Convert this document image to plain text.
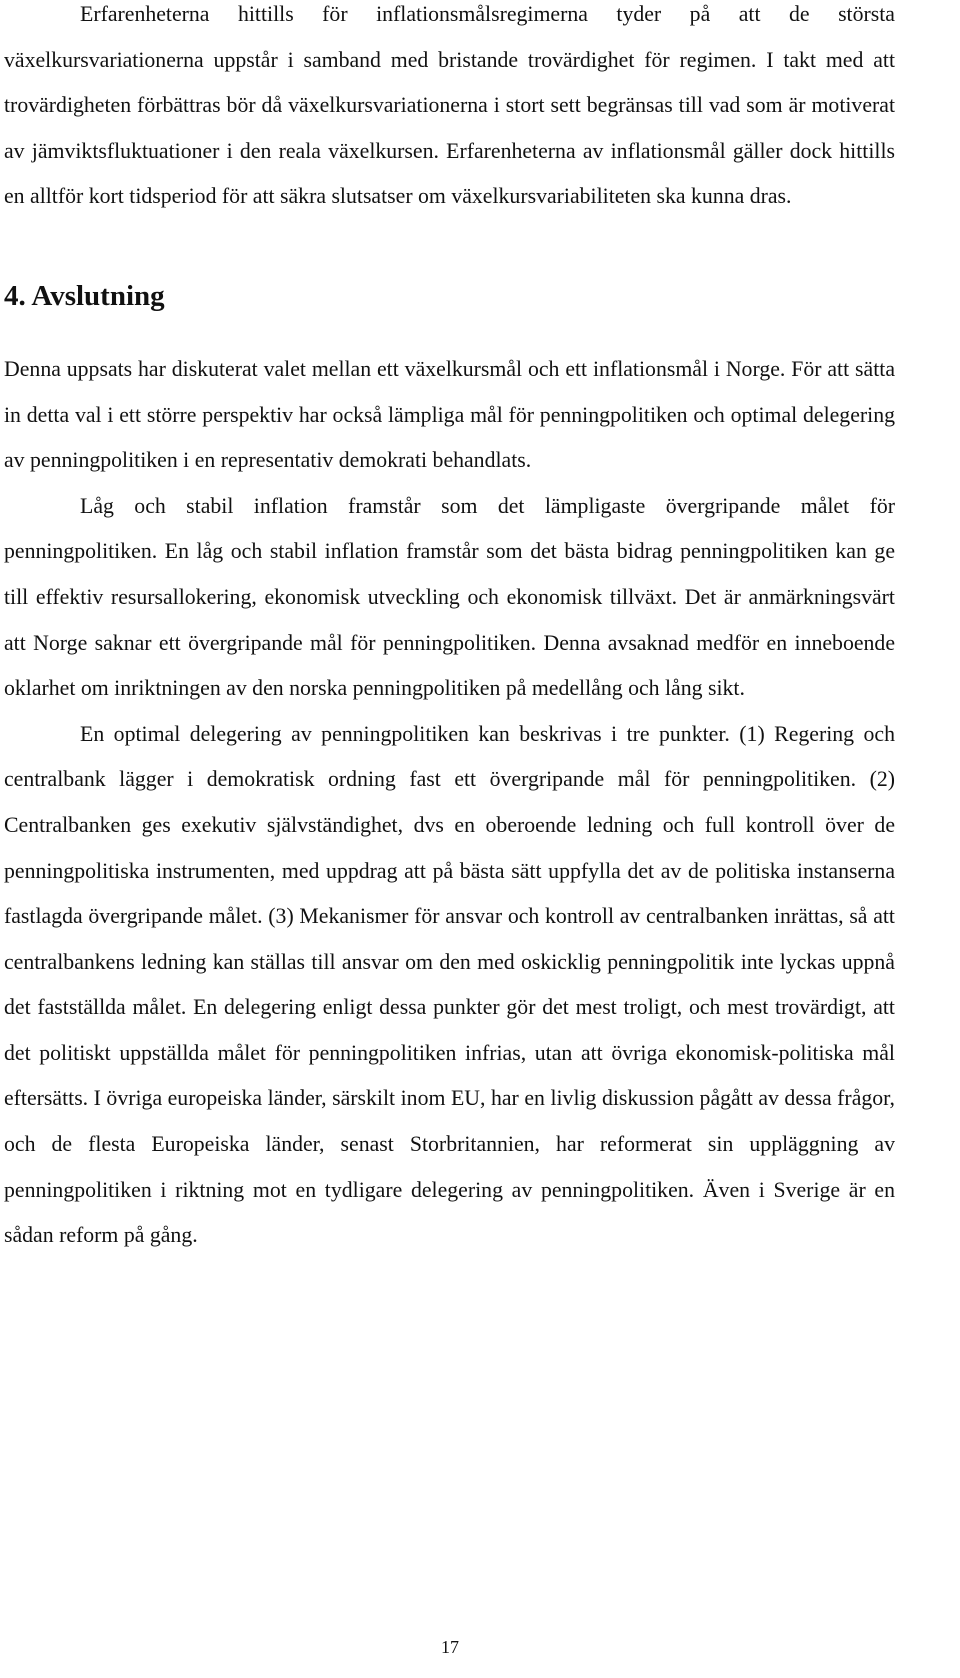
Erfarenheterna hittills för inflationsmålsregimerna tyder på att de största växelkursvariationerna uppstår i samband med bristande trovärdighet för regimen. I takt med att trovärdigheten förbättras bör då växelkursvariationerna i stort sett begränsas till vad som är motiverat av jämviktsfluktuationer i den reala växelkursen. Erfarenheterna av inflationsmål gäller dock hittills en alltför kort tidsperiod för att säkra slutsatser om växelkursvariabiliteten ska kunna dras.

4. Avslutning

Denna uppsats har diskuterat valet mellan ett växelkursmål och ett inflationsmål i Norge. För att sätta in detta val i ett större perspektiv har också lämpliga mål för penningpolitiken och optimal delegering av penningpolitiken i en representativ demokrati behandlats.

Låg och stabil inflation framstår som det lämpligaste övergripande målet för penningpolitiken. En låg och stabil inflation framstår som det bästa bidrag penningpolitiken kan ge till effektiv resursallokering, ekonomisk utveckling och ekonomisk tillväxt. Det är anmärkningsvärt att Norge saknar ett övergripande mål för penningpolitiken. Denna avsaknad medför en inneboende oklarhet om inriktningen av den norska penningpolitiken på medellång och lång sikt.

En optimal delegering av penningpolitiken kan beskrivas i tre punkter. (1) Regering och centralbank lägger i demokratisk ordning fast ett övergripande mål för penningpolitiken. (2) Centralbanken ges exekutiv självständighet, dvs en oberoende ledning och full kontroll över de penningpolitiska instrumenten, med uppdrag att på bästa sätt uppfylla det av de politiska instanserna fastlagda övergripande målet. (3) Mekanismer för ansvar och kontroll av centralbanken inrättas, så att centralbankens ledning kan ställas till ansvar om den med oskicklig penningpolitik inte lyckas uppnå det fastställda målet. En delegering enligt dessa punkter gör det mest troligt, och mest trovärdigt, att det politiskt uppställda målet för penningpolitiken infrias, utan att övriga ekonomisk-politiska mål eftersätts. I övriga europeiska länder, särskilt inom EU, har en livlig diskussion pågått av dessa frågor, och de flesta Europeiska länder, senast Storbritannien, har reformerat sin uppläggning av penningpolitiken i riktning mot en tydligare delegering av penningpolitiken. Även i Sverige är en sådan reform på gång.

17
